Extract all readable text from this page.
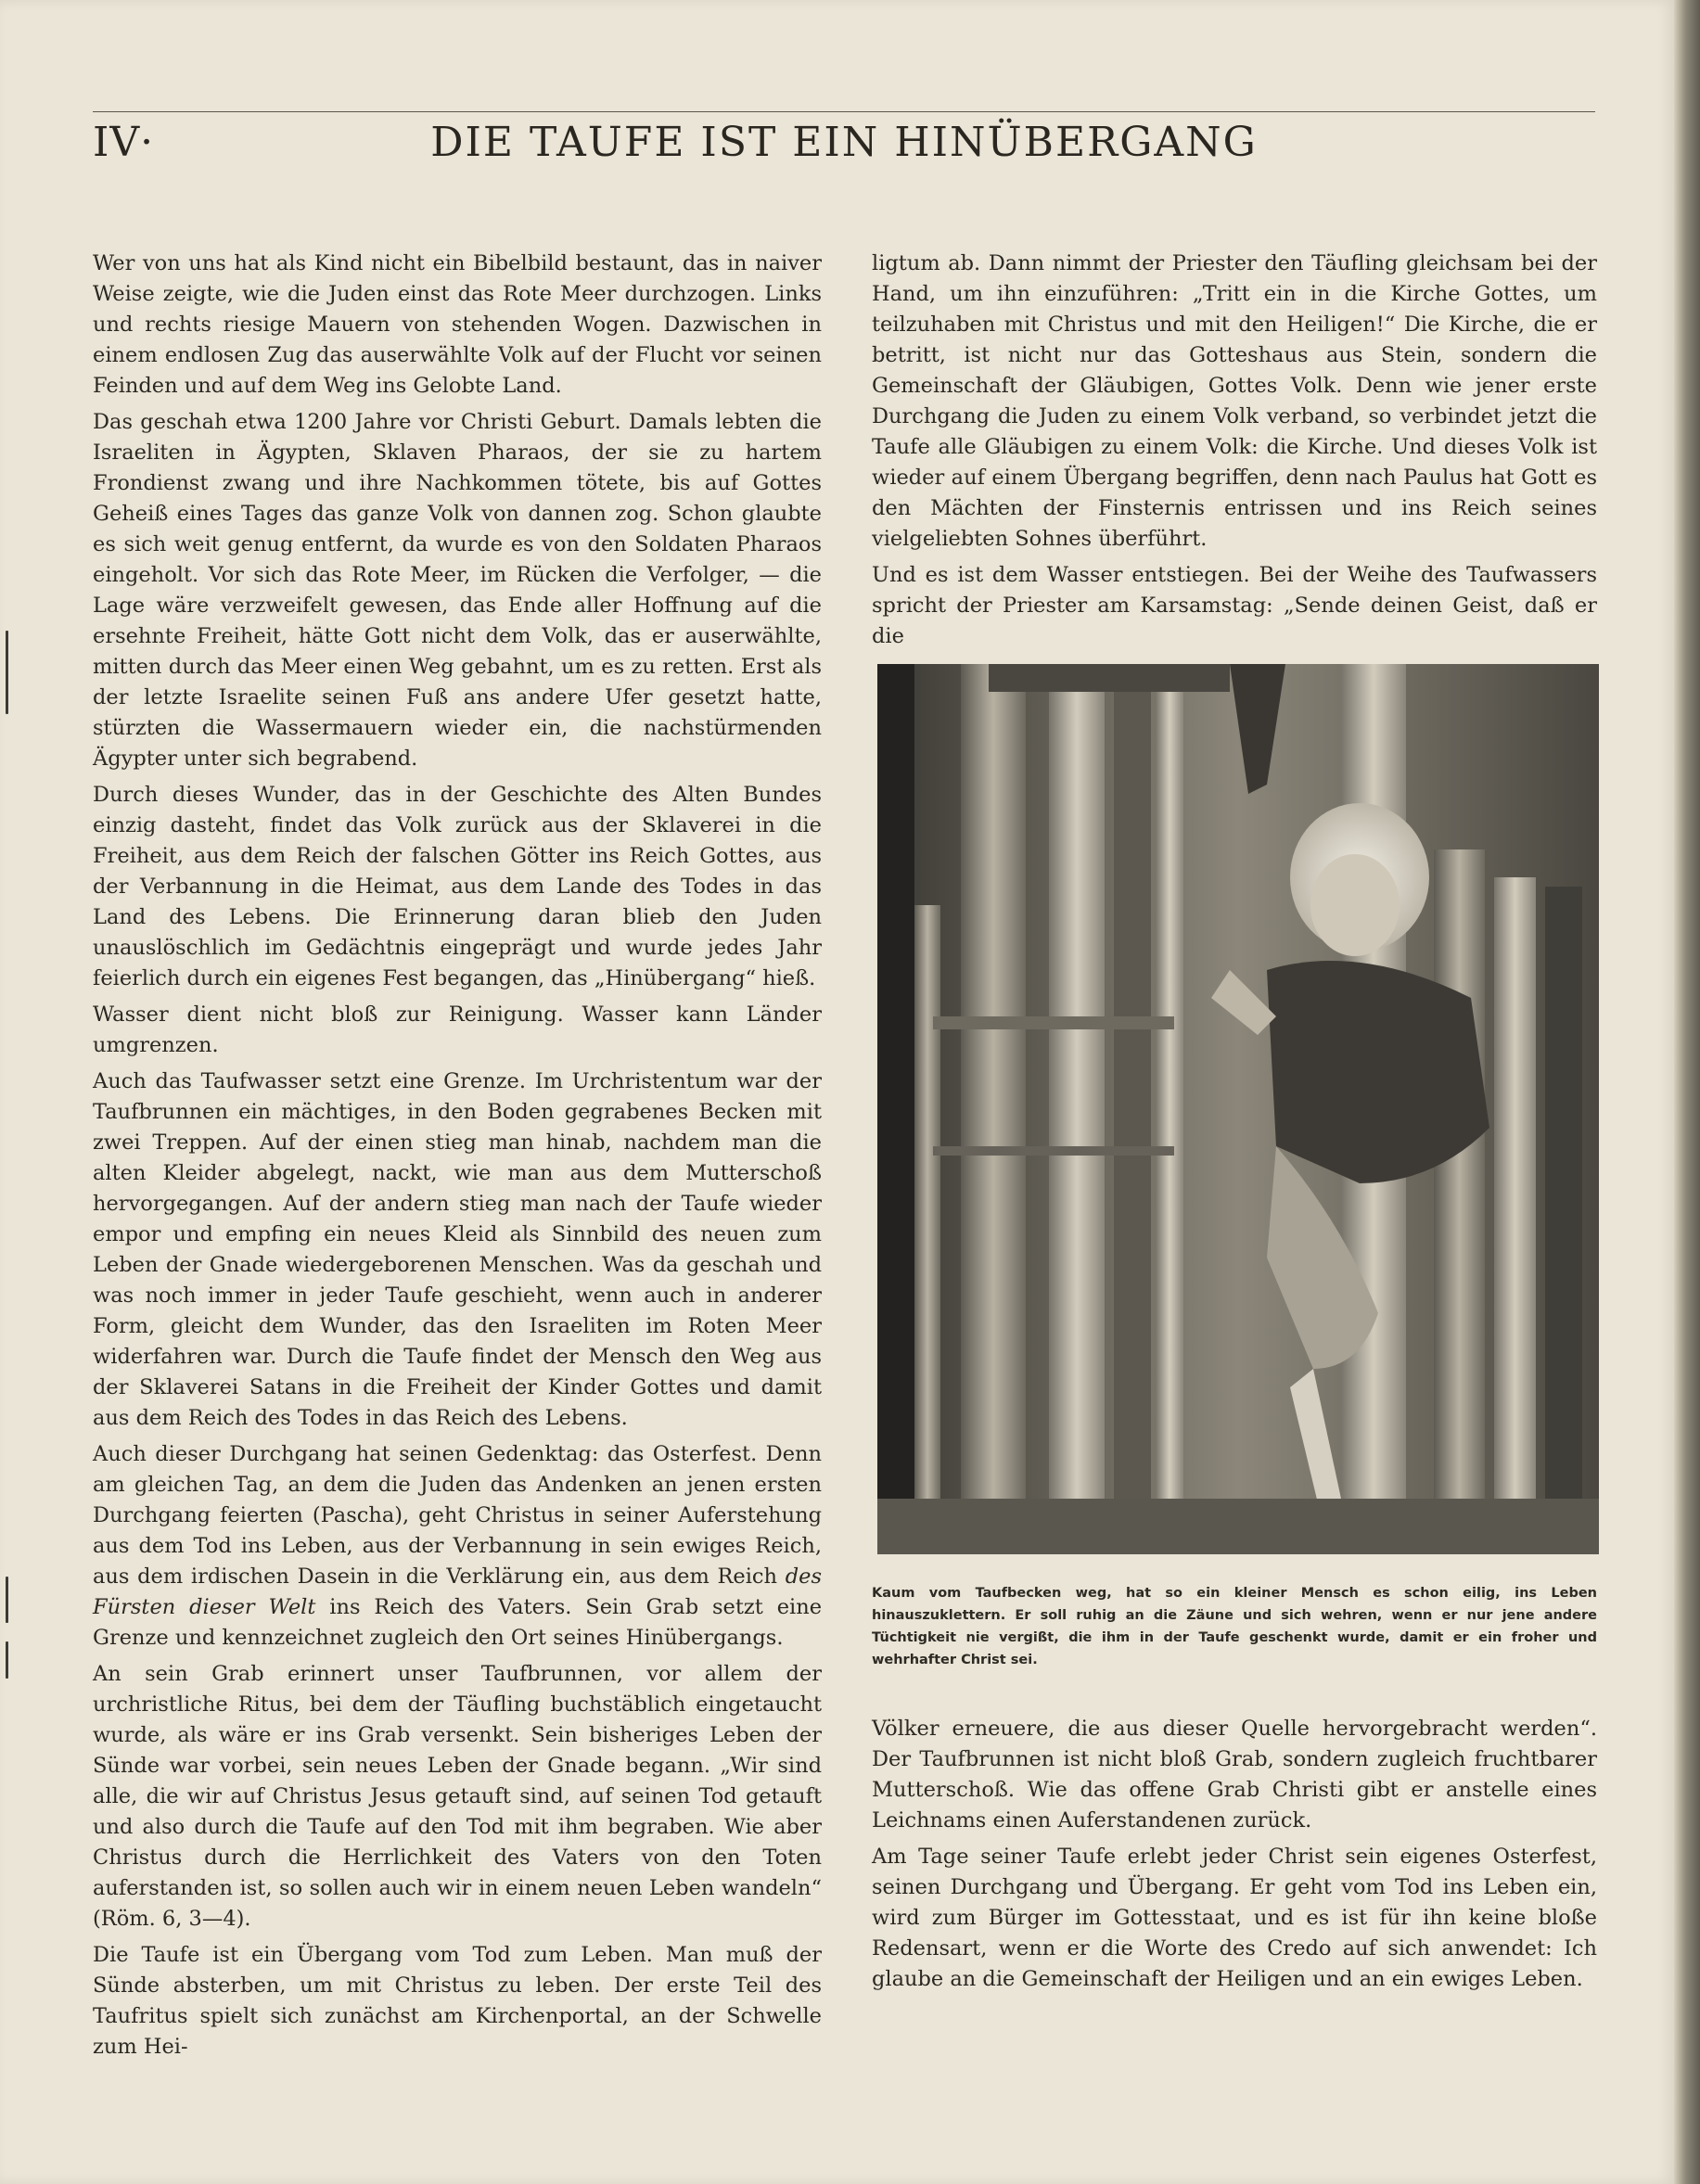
IV·	DIE TAUFE IST EIN HINÜBERGANG

Wer von uns hat als Kind nicht ein Bibelbild bestaunt, das in naiver Weise zeigte, wie die Juden einst das Rote Meer durchzogen. Links und rechts riesige Mauern von stehenden Wogen. Dazwischen in einem endlosen Zug das auserwählte Volk auf der Flucht vor seinen Feinden und auf dem Weg ins Gelobte Land.

Das geschah etwa 1200 Jahre vor Christi Geburt. Damals lebten die Israeliten in Ägypten, Sklaven Pharaos, der sie zu hartem Frondienst zwang und ihre Nachkommen tötete, bis auf Gottes Geheiß eines Tages das ganze Volk von dannen zog. Schon glaubte es sich weit genug entfernt, da wurde es von den Soldaten Pharaos eingeholt. Vor sich das Rote Meer, im Rücken die Verfolger, — die Lage wäre verzweifelt gewesen, das Ende aller Hoffnung auf die ersehnte Freiheit, hätte Gott nicht dem Volk, das er auserwählte, mitten durch das Meer einen Weg gebahnt, um es zu retten. Erst als der letzte Israelite seinen Fuß ans andere Ufer gesetzt hatte, stürzten die Wassermauern wieder ein, die nachstürmenden Ägypter unter sich begrabend.

Durch dieses Wunder, das in der Geschichte des Alten Bundes einzig dasteht, findet das Volk zurück aus der Sklaverei in die Freiheit, aus dem Reich der falschen Götter ins Reich Gottes, aus der Verbannung in die Heimat, aus dem Lande des Todes in das Land des Lebens. Die Erinnerung daran blieb den Juden unauslöschlich im Gedächtnis eingeprägt und wurde jedes Jahr feierlich durch ein eigenes Fest begangen, das „Hinübergang“ hieß.

Wasser dient nicht bloß zur Reinigung. Wasser kann Länder umgrenzen.

Auch das Taufwasser setzt eine Grenze. Im Urchristentum war der Taufbrunnen ein mächtiges, in den Boden gegrabenes Becken mit zwei Treppen. Auf der einen stieg man hinab, nachdem man die alten Kleider abgelegt, nackt, wie man aus dem Mutterschoß hervorgegangen. Auf der andern stieg man nach der Taufe wieder empor und empfing ein neues Kleid als Sinnbild des neuen zum Leben der Gnade wiedergeborenen Menschen. Was da geschah und was noch immer in jeder Taufe geschieht, wenn auch in anderer Form, gleicht dem Wunder, das den Israeliten im Roten Meer widerfahren war. Durch die Taufe findet der Mensch den Weg aus der Sklaverei Satans in die Freiheit der Kinder Gottes und damit aus dem Reich des Todes in das Reich des Lebens.

Auch dieser Durchgang hat seinen Gedenktag: das Osterfest. Denn am gleichen Tag, an dem die Juden das Andenken an jenen ersten Durchgang feierten (Pascha), geht Christus in seiner Auferstehung aus dem Tod ins Leben, aus der Verbannung in sein ewiges Reich, aus dem irdischen Dasein in die Verklärung ein, aus dem Reich des Fürsten dieser Welt ins Reich des Vaters. Sein Grab setzt eine Grenze und kennzeichnet zugleich den Ort seines Hinübergangs.

An sein Grab erinnert unser Taufbrunnen, vor allem der urchristliche Ritus, bei dem der Täufling buchstäblich eingetaucht wurde, als wäre er ins Grab versenkt. Sein bisheriges Leben der Sünde war vorbei, sein neues Leben der Gnade begann. „Wir sind alle, die wir auf Christus Jesus getauft sind, auf seinen Tod getauft und also durch die Taufe auf den Tod mit ihm begraben. Wie aber Christus durch die Herrlichkeit des Vaters von den Toten auferstanden ist, so sollen auch wir in einem neuen Leben wandeln“ (Röm. 6, 3—4).

Die Taufe ist ein Übergang vom Tod zum Leben. Man muß der Sünde absterben, um mit Christus zu leben. Der erste Teil des Taufritus spielt sich zunächst am Kirchenportal, an der Schwelle zum Hei-

ligtum ab. Dann nimmt der Priester den Täufling gleichsam bei der Hand, um ihn einzuführen: „Tritt ein in die Kirche Gottes, um teilzuhaben mit Christus und mit den Heiligen!“ Die Kirche, die er betritt, ist nicht nur das Gotteshaus aus Stein, sondern die Gemeinschaft der Gläubigen, Gottes Volk. Denn wie jener erste Durchgang die Juden zu einem Volk verband, so verbindet jetzt die Taufe alle Gläubigen zu einem Volk: die Kirche. Und dieses Volk ist wieder auf einem Übergang begriffen, denn nach Paulus hat Gott es den Mächten der Finsternis entrissen und ins Reich seines vielgeliebten Sohnes überführt.

Und es ist dem Wasser entstiegen. Bei der Weihe des Taufwassers spricht der Priester am Karsamstag: „Sende deinen Geist, daß er die

Kaum vom Taufbecken weg, hat so ein kleiner Mensch es schon eilig, ins Leben hinauszuklettern. Er soll ruhig an die Zäune und sich wehren, wenn er nur jene andere Tüchtigkeit nie vergißt, die ihm in der Taufe geschenkt wurde, damit er ein froher und wehrhafter Christ sei.

Völker erneuere, die aus dieser Quelle hervorgebracht werden“. Der Taufbrunnen ist nicht bloß Grab, sondern zugleich fruchtbarer Mutterschoß. Wie das offene Grab Christi gibt er anstelle eines Leichnams einen Auferstandenen zurück.

Am Tage seiner Taufe erlebt jeder Christ sein eigenes Osterfest, seinen Durchgang und Übergang. Er geht vom Tod ins Leben ein, wird zum Bürger im Gottesstaat, und es ist für ihn keine bloße Redensart, wenn er die Worte des Credo auf sich anwendet: Ich glaube an die Gemeinschaft der Heiligen und an ein ewiges Leben.
